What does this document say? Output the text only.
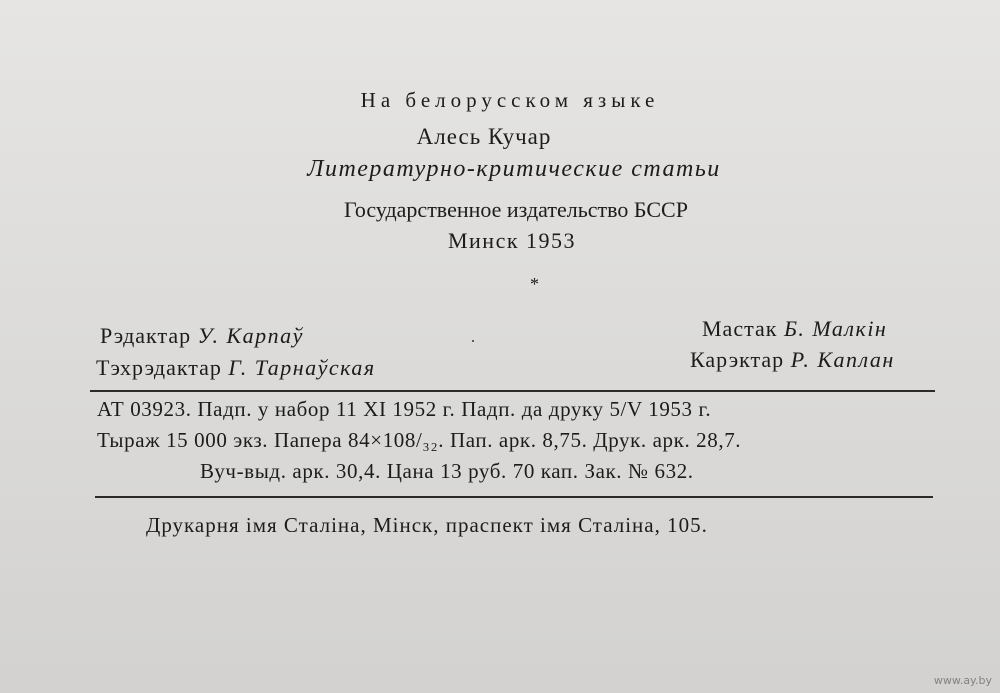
На белорусском языке
Алесь Кучар
Литературно-критические статьи
Государственное издательство БССР
Минск 1953
*
Рэдактар У. Карпаў
Тэхрэдактар Г. Тарнаўская
Мастак Б. Малкін
Карэктар Р. Каплан
АТ 03923. Падп. у набор 11 XI 1952 г. Падп. да друку 5/V 1953 г.
Тыраж 15 000 экз. Папера 84×108/₃₂. Пап. арк. 8,75. Друк. арк. 28,7.
Вуч-выд. арк. 30,4. Цана 13 руб. 70 кап. Зак. № 632.
Друкарня імя Сталіна, Мінск, праспект імя Сталіна, 105.
www.ay.by
